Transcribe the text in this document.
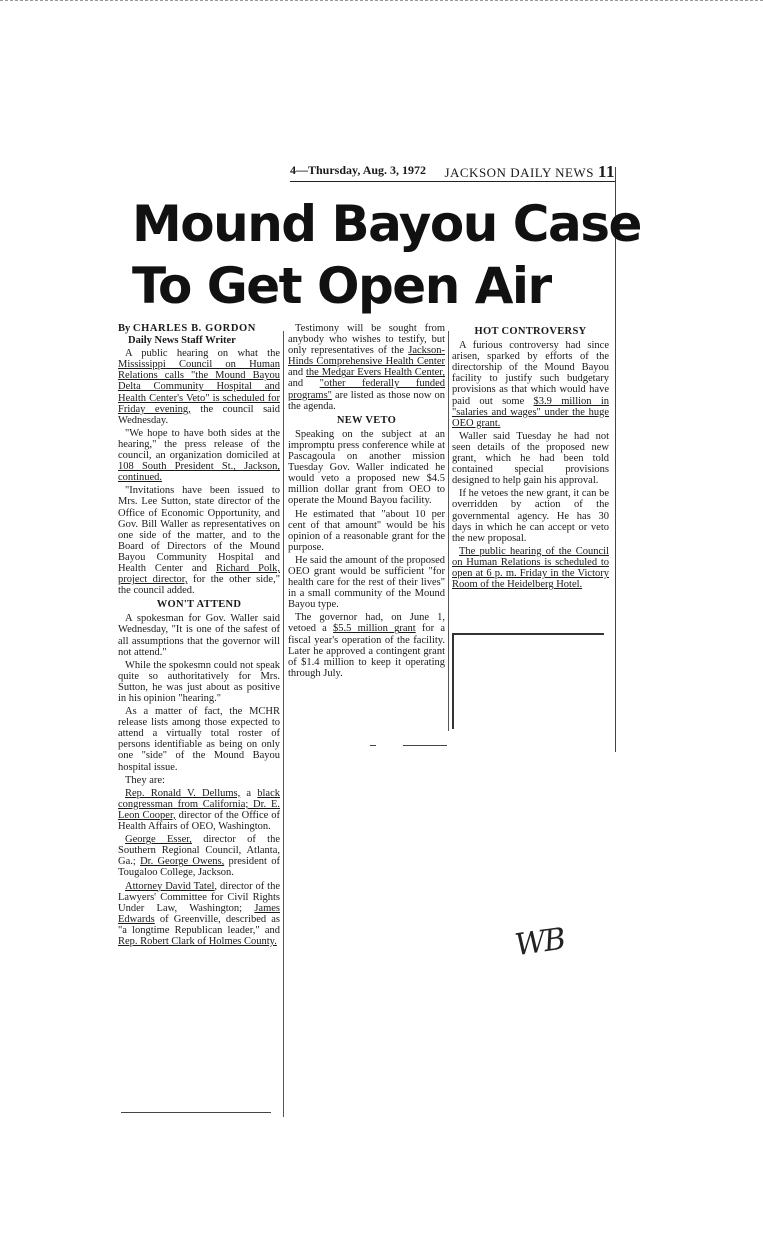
4—Thursday, Aug. 3, 1972 JACKSON DAILY NEWS 11
Mound Bayou Case
To Get Open Air

By CHARLES B. GORDON

Daily News Staff Writer

A public hearing on what the Mississippi Council on Human Relations calls "the Mound Bayou Delta Community Hospital and Health Center's Veto" is scheduled for Friday evening, the council said Wednesday.

"We hope to have both sides at the hearing," the press release of the council, an organization domiciled at 108 South President St., Jackson, continued.

"Invitations have been issued to Mrs. Lee Sutton, state director of the Office of Economic Opportunity, and Gov. Bill Waller as representatives on one side of the matter, and to the Board of Directors of the Mound Bayou Community Hospital and Health Center and Richard Polk, project director, for the other side," the council added.

WON'T ATTEND

A spokesman for Gov. Waller said Wednesday, "It is one of the safest of all assumptions that the governor will not attend."

While the spokesmn could not speak quite so authoritatively for Mrs. Sutton, he was just about as positive in his opinion "hearing."

As a matter of fact, the MCHR release lists among those expected to attend a virtually total roster of persons identifiable as being on only one "side" of the Mound Bayou hospital issue.

They are:

Rep. Ronald V. Dellums, a black congressman from California; Dr. E. Leon Cooper, director of the Office of Health Affairs of OEO, Washington.

George Esser, director of the Southern Regional Council, Atlanta, Ga.; Dr. George Owens, president of Tougaloo College, Jackson.

Attorney David Tatel, director of the Lawyers' Committee for Civil Rights Under Law, Washington; James Edwards of Greenville, described as "a longtime Republican leader," and Rep. Robert Clark of Holmes County.

Testimony will be sought from anybody who wishes to testify, but only representatives of the Jackson-Hinds Comprehensive Health Center and the Medgar Evers Health Center, and "other federally funded programs" are listed as those now on the agenda.

NEW VETO

Speaking on the subject at an impromptu press conference while at Pascagoula on another mission Tuesday Gov. Waller indicated he would veto a proposed new $4.5 million dollar grant from OEO to operate the Mound Bayou facility.

He estimated that "about 10 per cent of that amount" would be his opinion of a reasonable grant for the purpose.

He said the amount of the proposed OEO grant would be sufficient "for health care for the rest of their lives" in a small community of the Mound Bayou type.

The governor had, on June 1, vetoed a $5.5 million grant for a fiscal year's operation of the facility. Later he approved a contingent grant of $1.4 million to keep it operating through July.

HOT CONTROVERSY

A furious controversy had since arisen, sparked by efforts of the directorship of the Mound Bayou facility to justify such budgetary provisions as that which would have paid out some $3.9 million in "salaries and wages" under the huge OEO grant.

Waller said Tuesday he had not seen details of the proposed new grant, which he had been told contained special provisions designed to help gain his approval.

If he vetoes the new grant, it can be overridden by action of the governmental agency. He has 30 days in which he can accept or veto the new proposal.

The public hearing of the Council on Human Relations is scheduled to open at 6 p. m. Friday in the Victory Room of the Heidelberg Hotel.

WB
